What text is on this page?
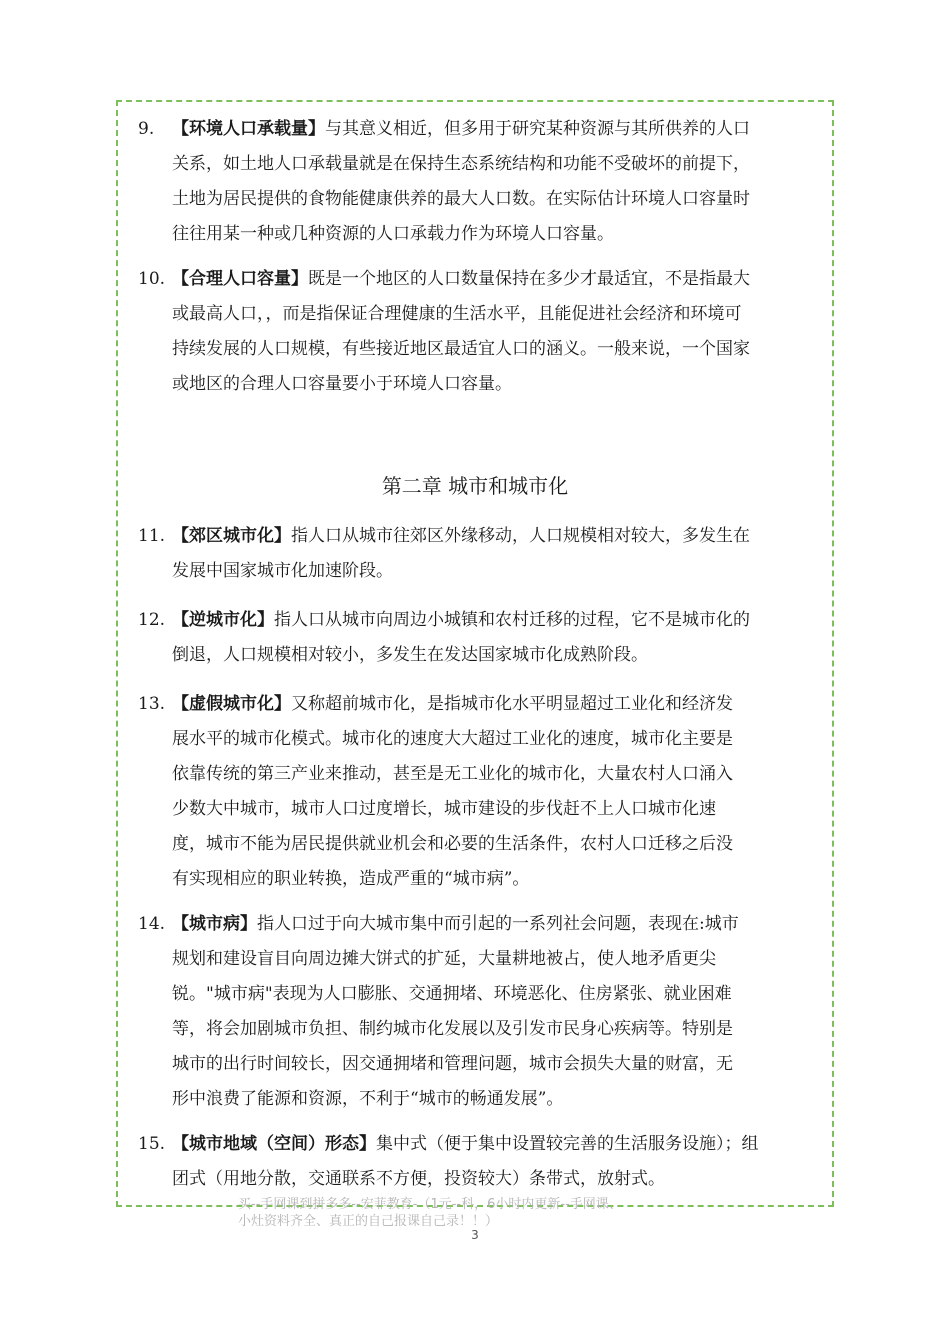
9. 【环境人口承载量】与其意义相近，但多用于研究某种资源与其所供养的人口
关系，如土地人口承载量就是在保持生态系统结构和功能不受破坏的前提下，
土地为居民提供的食物能健康供养的最大人口数。在实际估计环境人口容量时
往往用某一种或几种资源的人口承载力作为环境人口容量。
10. 【合理人口容量】既是一个地区的人口数量保持在多少才最适宜，不是指最大
或最高人口，，而是指保证合理健康的生活水平，且能促进社会经济和环境可
持续发展的人口规模，有些接近地区最适宜人口的涵义。一般来说，一个国家
或地区的合理人口容量要小于环境人口容量。
第二章 城市和城市化
11. 【郊区城市化】指人口从城市往郊区外缘移动，人口规模相对较大，多发生在
发展中国家城市化加速阶段。
12. 【逆城市化】指人口从城市向周边小城镇和农村迁移的过程，它不是城市化的
倒退，人口规模相对较小，多发生在发达国家城市化成熟阶段。
13. 【虚假城市化】又称超前城市化，是指城市化水平明显超过工业化和经济发
展水平的城市化模式。城市化的速度大大超过工业化的速度，城市化主要是
依靠传统的第三产业来推动，甚至是无工业化的城市化，大量农村人口涌入
少数大中城市，城市人口过度增长，城市建设的步伐赶不上人口城市化速
度，城市不能为居民提供就业机会和必要的生活条件，农村人口迁移之后没
有实现相应的职业转换，造成严重的“城市病”。
14. 【城市病】指人口过于向大城市集中而引起的一系列社会问题，表现在:城市
规划和建设盲目向周边摊大饼式的扩延，大量耕地被占，使人地矛盾更尖
锐。"城市病"表现为人口膨胀、交通拥堵、环境恶化、住房紧张、就业困难
等，将会加剧城市负担、制约城市化发展以及引发市民身心疾病等。特别是
城市的出行时间较长，因交通拥堵和管理问题，城市会损失大量的财富，无
形中浪费了能源和资源，不利于“城市的畅通发展”。
15. 【城市地域（空间）形态】集中式（便于集中设置较完善的生活服务设施）；组
团式（用地分散，交通联系不方便，投资较大）条带式，放射式。
买--手网课到拼多多--宏菲教育-（1元--科，6小时内更新--手网课、
小灶资料齐全、真正的自己报课自己录！！）
3
